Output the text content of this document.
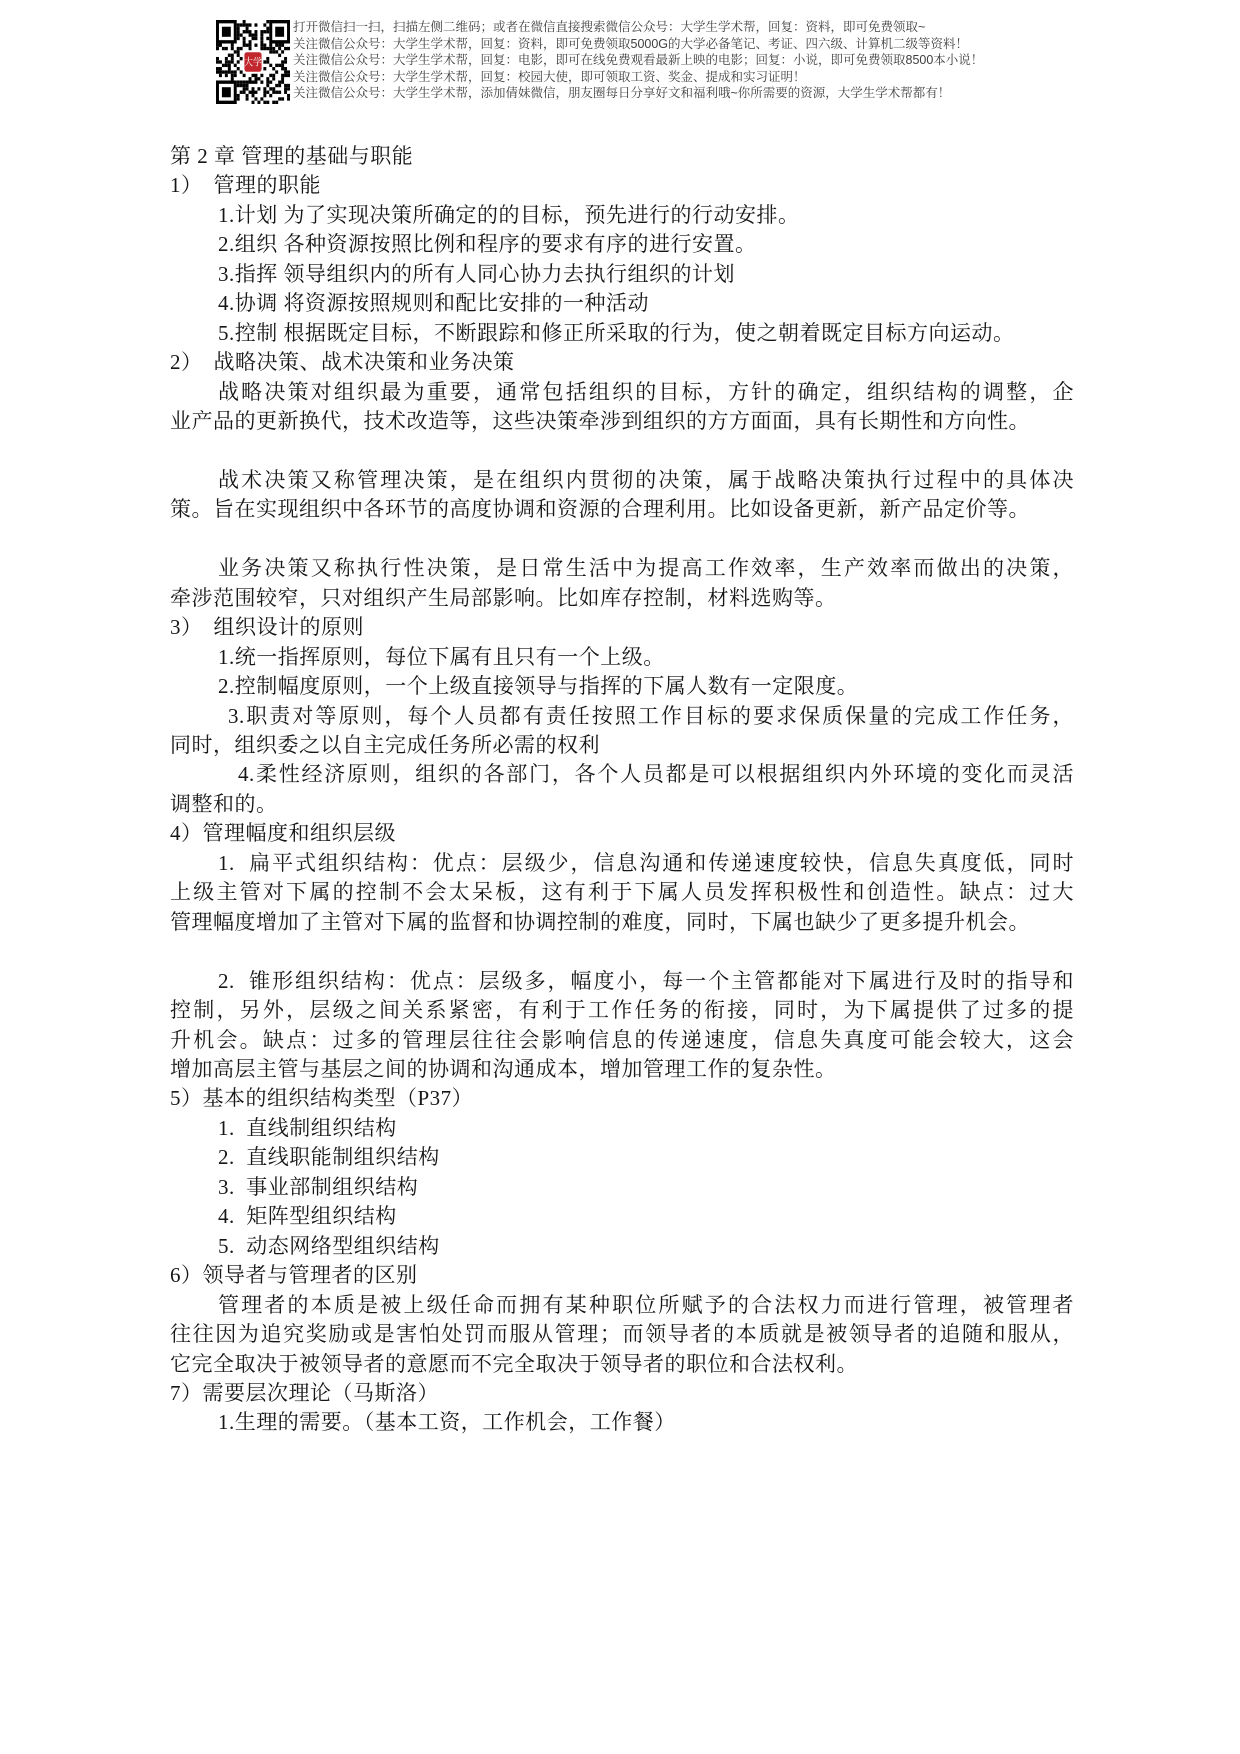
大学
打开微信扫一扫，扫描左侧二维码；或者在微信直接搜索微信公众号：大学生学术帮，回复：资料，即可免费领取~
关注微信公众号：大学生学术帮，回复：资料，即可免费领取5000G的大学必备笔记、考证、四六级、计算机二级等资料！
关注微信公众号：大学生学术帮，回复：电影，即可在线免费观看最新上映的电影；回复：小说，即可免费领取8500本小说！
关注微信公众号：大学生学术帮，回复：校园大使，即可领取工资、奖金、提成和实习证明！
关注微信公众号：大学生学术帮，添加倩妹微信，朋友圈每日分享好文和福利哦~你所需要的资源，大学生学术帮都有！
第 2 章 管理的基础与职能
1）　管理的职能
1.计划 为了实现决策所确定的的目标，预先进行的行动安排。
2.组织 各种资源按照比例和程序的要求有序的进行安置。
3.指挥 领导组织内的所有人同心协力去执行组织的计划
4.协调 将资源按照规则和配比安排的一种活动
5.控制 根据既定目标，不断跟踪和修正所采取的行为，使之朝着既定目标方向运动。
2）　战略决策、战术决策和业务决策
战略决策对组织最为重要，通常包括组织的目标，方针的确定，组织结构的调整，企
业产品的更新换代，技术改造等，这些决策牵涉到组织的方方面面，具有长期性和方向性。
战术决策又称管理决策，是在组织内贯彻的决策，属于战略决策执行过程中的具体决
策。旨在实现组织中各环节的高度协调和资源的合理利用。比如设备更新，新产品定价等。
业务决策又称执行性决策，是日常生活中为提高工作效率，生产效率而做出的决策，
牵涉范围较窄，只对组织产生局部影响。比如库存控制，材料选购等。
3）　组织设计的原则
1.统一指挥原则，每位下属有且只有一个上级。
2.控制幅度原则，一个上级直接领导与指挥的下属人数有一定限度。
3.职责对等原则，每个人员都有责任按照工作目标的要求保质保量的完成工作任务，
同时，组织委之以自主完成任务所必需的权利
4.柔性经济原则，组织的各部门，各个人员都是可以根据组织内外环境的变化而灵活
调整和的。
4）管理幅度和组织层级
1.  扁平式组织结构：优点：层级少，信息沟通和传递速度较快，信息失真度低，同时
上级主管对下属的控制不会太呆板，这有利于下属人员发挥积极性和创造性。缺点：过大
管理幅度增加了主管对下属的监督和协调控制的难度，同时，下属也缺少了更多提升机会。
2.  锥形组织结构：优点：层级多，幅度小，每一个主管都能对下属进行及时的指导和
控制，另外，层级之间关系紧密，有利于工作任务的衔接，同时，为下属提供了过多的提
升机会。缺点：过多的管理层往往会影响信息的传递速度，信息失真度可能会较大，这会
增加高层主管与基层之间的协调和沟通成本，增加管理工作的复杂性。
5）基本的组织结构类型（P37）
1.  直线制组织结构
2.  直线职能制组织结构
3.  事业部制组织结构
4.  矩阵型组织结构
5.  动态网络型组织结构
6）领导者与管理者的区别
管理者的本质是被上级任命而拥有某种职位所赋予的合法权力而进行管理，被管理者
往往因为追究奖励或是害怕处罚而服从管理；而领导者的本质就是被领导者的追随和服从，
它完全取决于被领导者的意愿而不完全取决于领导者的职位和合法权利。
7）需要层次理论（马斯洛）
1.生理的需要。（基本工资，工作机会，工作餐）
